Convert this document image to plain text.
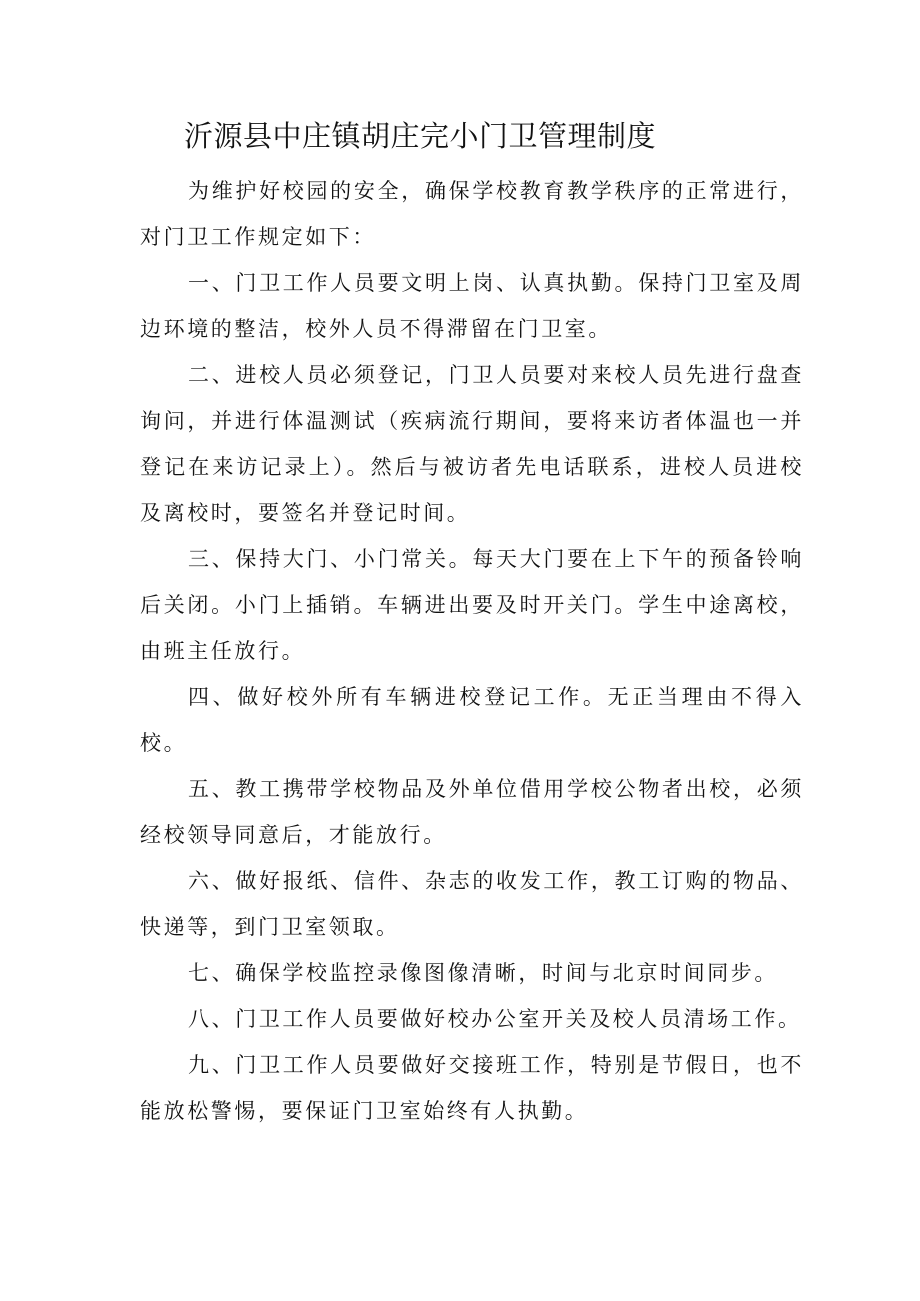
沂源县中庄镇胡庄完小门卫管理制度

为维护好校园的安全，确保学校教育教学秩序的正常进行，对门卫工作规定如下：

一、门卫工作人员要文明上岗、认真执勤。保持门卫室及周边环境的整洁，校外人员不得滞留在门卫室。

二、进校人员必须登记，门卫人员要对来校人员先进行盘查询问，并进行体温测试（疾病流行期间，要将来访者体温也一并登记在来访记录上）。然后与被访者先电话联系，进校人员进校及离校时，要签名并登记时间。

三、保持大门、小门常关。每天大门要在上下午的预备铃响后关闭。小门上插销。车辆进出要及时开关门。学生中途离校，由班主任放行。

四、做好校外所有车辆进校登记工作。无正当理由不得入校。

五、教工携带学校物品及外单位借用学校公物者出校，必须经校领导同意后，才能放行。

六、做好报纸、信件、杂志的收发工作，教工订购的物品、快递等，到门卫室领取。

七、确保学校监控录像图像清晰，时间与北京时间同步。

八、门卫工作人员要做好校办公室开关及校人员清场工作。

九、门卫工作人员要做好交接班工作，特别是节假日，也不能放松警惕，要保证门卫室始终有人执勤。
